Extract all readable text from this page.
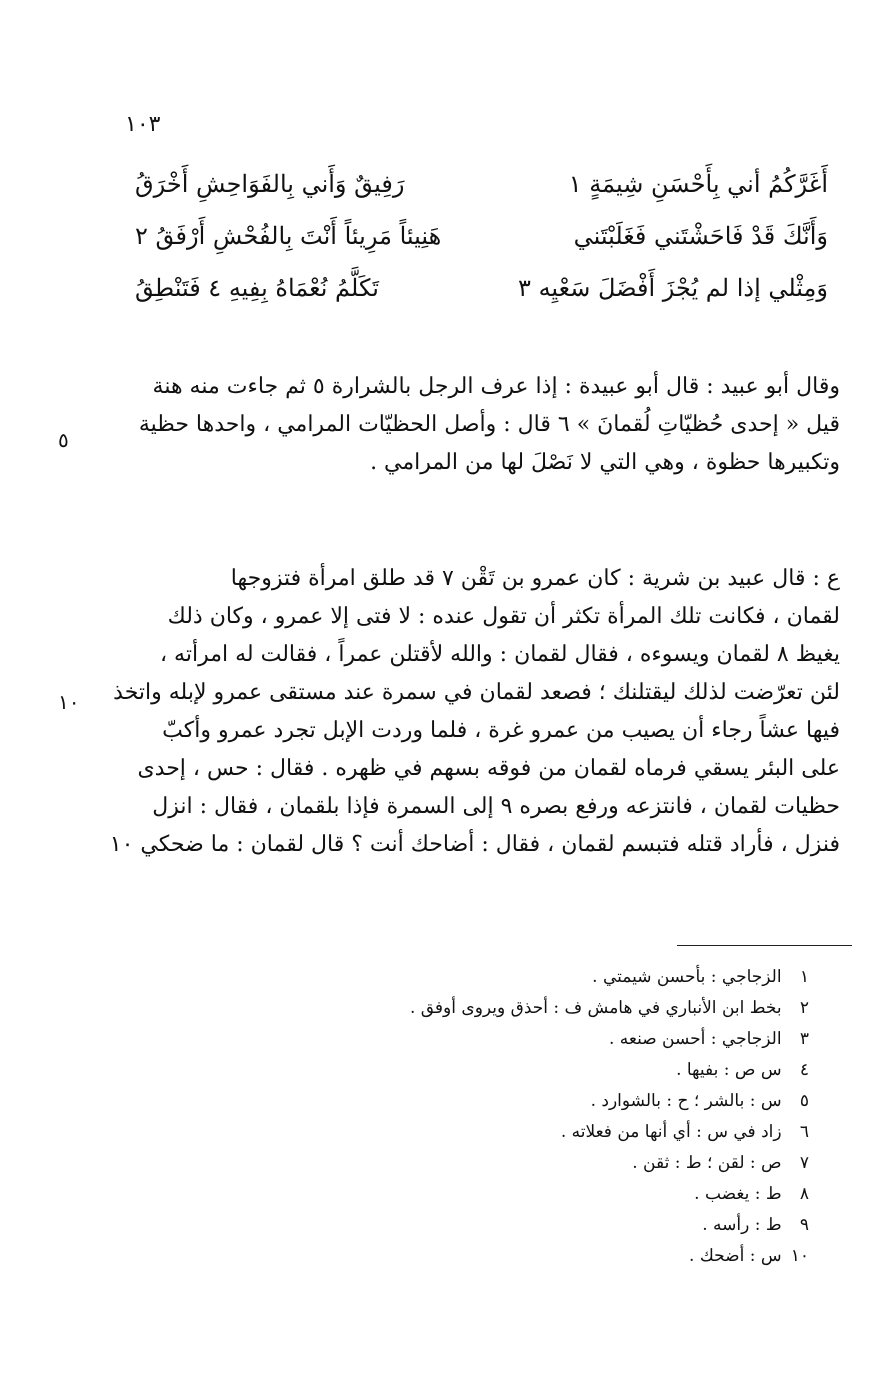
١٠٣
أَغَرَّكُمُ أني بِأَحْسَنِ شِيمَةٍ ١
رَفِيقٌ وَأَني بِالفَوَاحِشِ أَخْرَقُ
وَأَنَّكَ قَدْ فَاحَشْتَني فَغَلَبْتَني
هَنِيئاً مَرِيئاً أَنْتَ بِالفُحْشِ أَرْفَقُ ٢
وَمِثْلي إذا لم يُجْزَ أَفْضَلَ سَعْيِه ٣
تَكَلَّمُ نُعْمَاهُ بِفِيهِ ٤ فَتَنْطِقُ
وقال أبو عبيد : قال أبو عبيدة : إذا عرف الرجل بالشرارة ٥ ثم جاءت منه هنة
قيل « إحدى حُظيّاتِ لُقمانَ » ٦ قال : وأصل الحظيّات المرامي ، واحدها حظية
وتكبيرها حظوة ، وهي التي لا نَصْلَ لها من المرامي .
٥
ع : قال عبيد بن شرية : كان عمرو بن تَقْن ٧ قد طلق امرأة فتزوجها
لقمان ، فكانت تلك المرأة تكثر أن تقول عنده : لا فتى إلا عمرو ، وكان ذلك
يغيظ ٨ لقمان ويسوءه ، فقال لقمان : والله لأقتلن عمراً ، فقالت له امرأته ،
لئن تعرّضت لذلك ليقتلنك ؛ فصعد لقمان في سمرة عند مستقى عمرو لإبله واتخذ
فيها عشاً رجاء أن يصيب من عمرو غرة ، فلما وردت الإبل تجرد عمرو وأكبّ
على البئر يسقي فرماه لقمان من فوقه بسهم في ظهره . فقال : حس ، إحدى
حظيات لقمان ، فانتزعه ورفع بصره ٩ إلى السمرة فإذا بلقمان ، فقال : انزل
فنزل ، فأراد قتله فتبسم لقمان ، فقال : أضاحك أنت ؟ قال لقمان : ما ضحكي ١٠
١٠
١ الزجاجي : بأحسن شيمتي .
٢ بخط ابن الأنباري في هامش ف : أحذق ويروى أوفق .
٣ الزجاجي : أحسن صنعه .
٤ س ص : بفيها .
٥ س : بالشر ؛ ح : بالشوارد .
٦ زاد في س : أي أنها من فعلاته .
٧ ص : لقن ؛ ط : ثقن .
٨ ط : يغضب .
٩ ط : رأسه .
١٠ س : أضحك .
